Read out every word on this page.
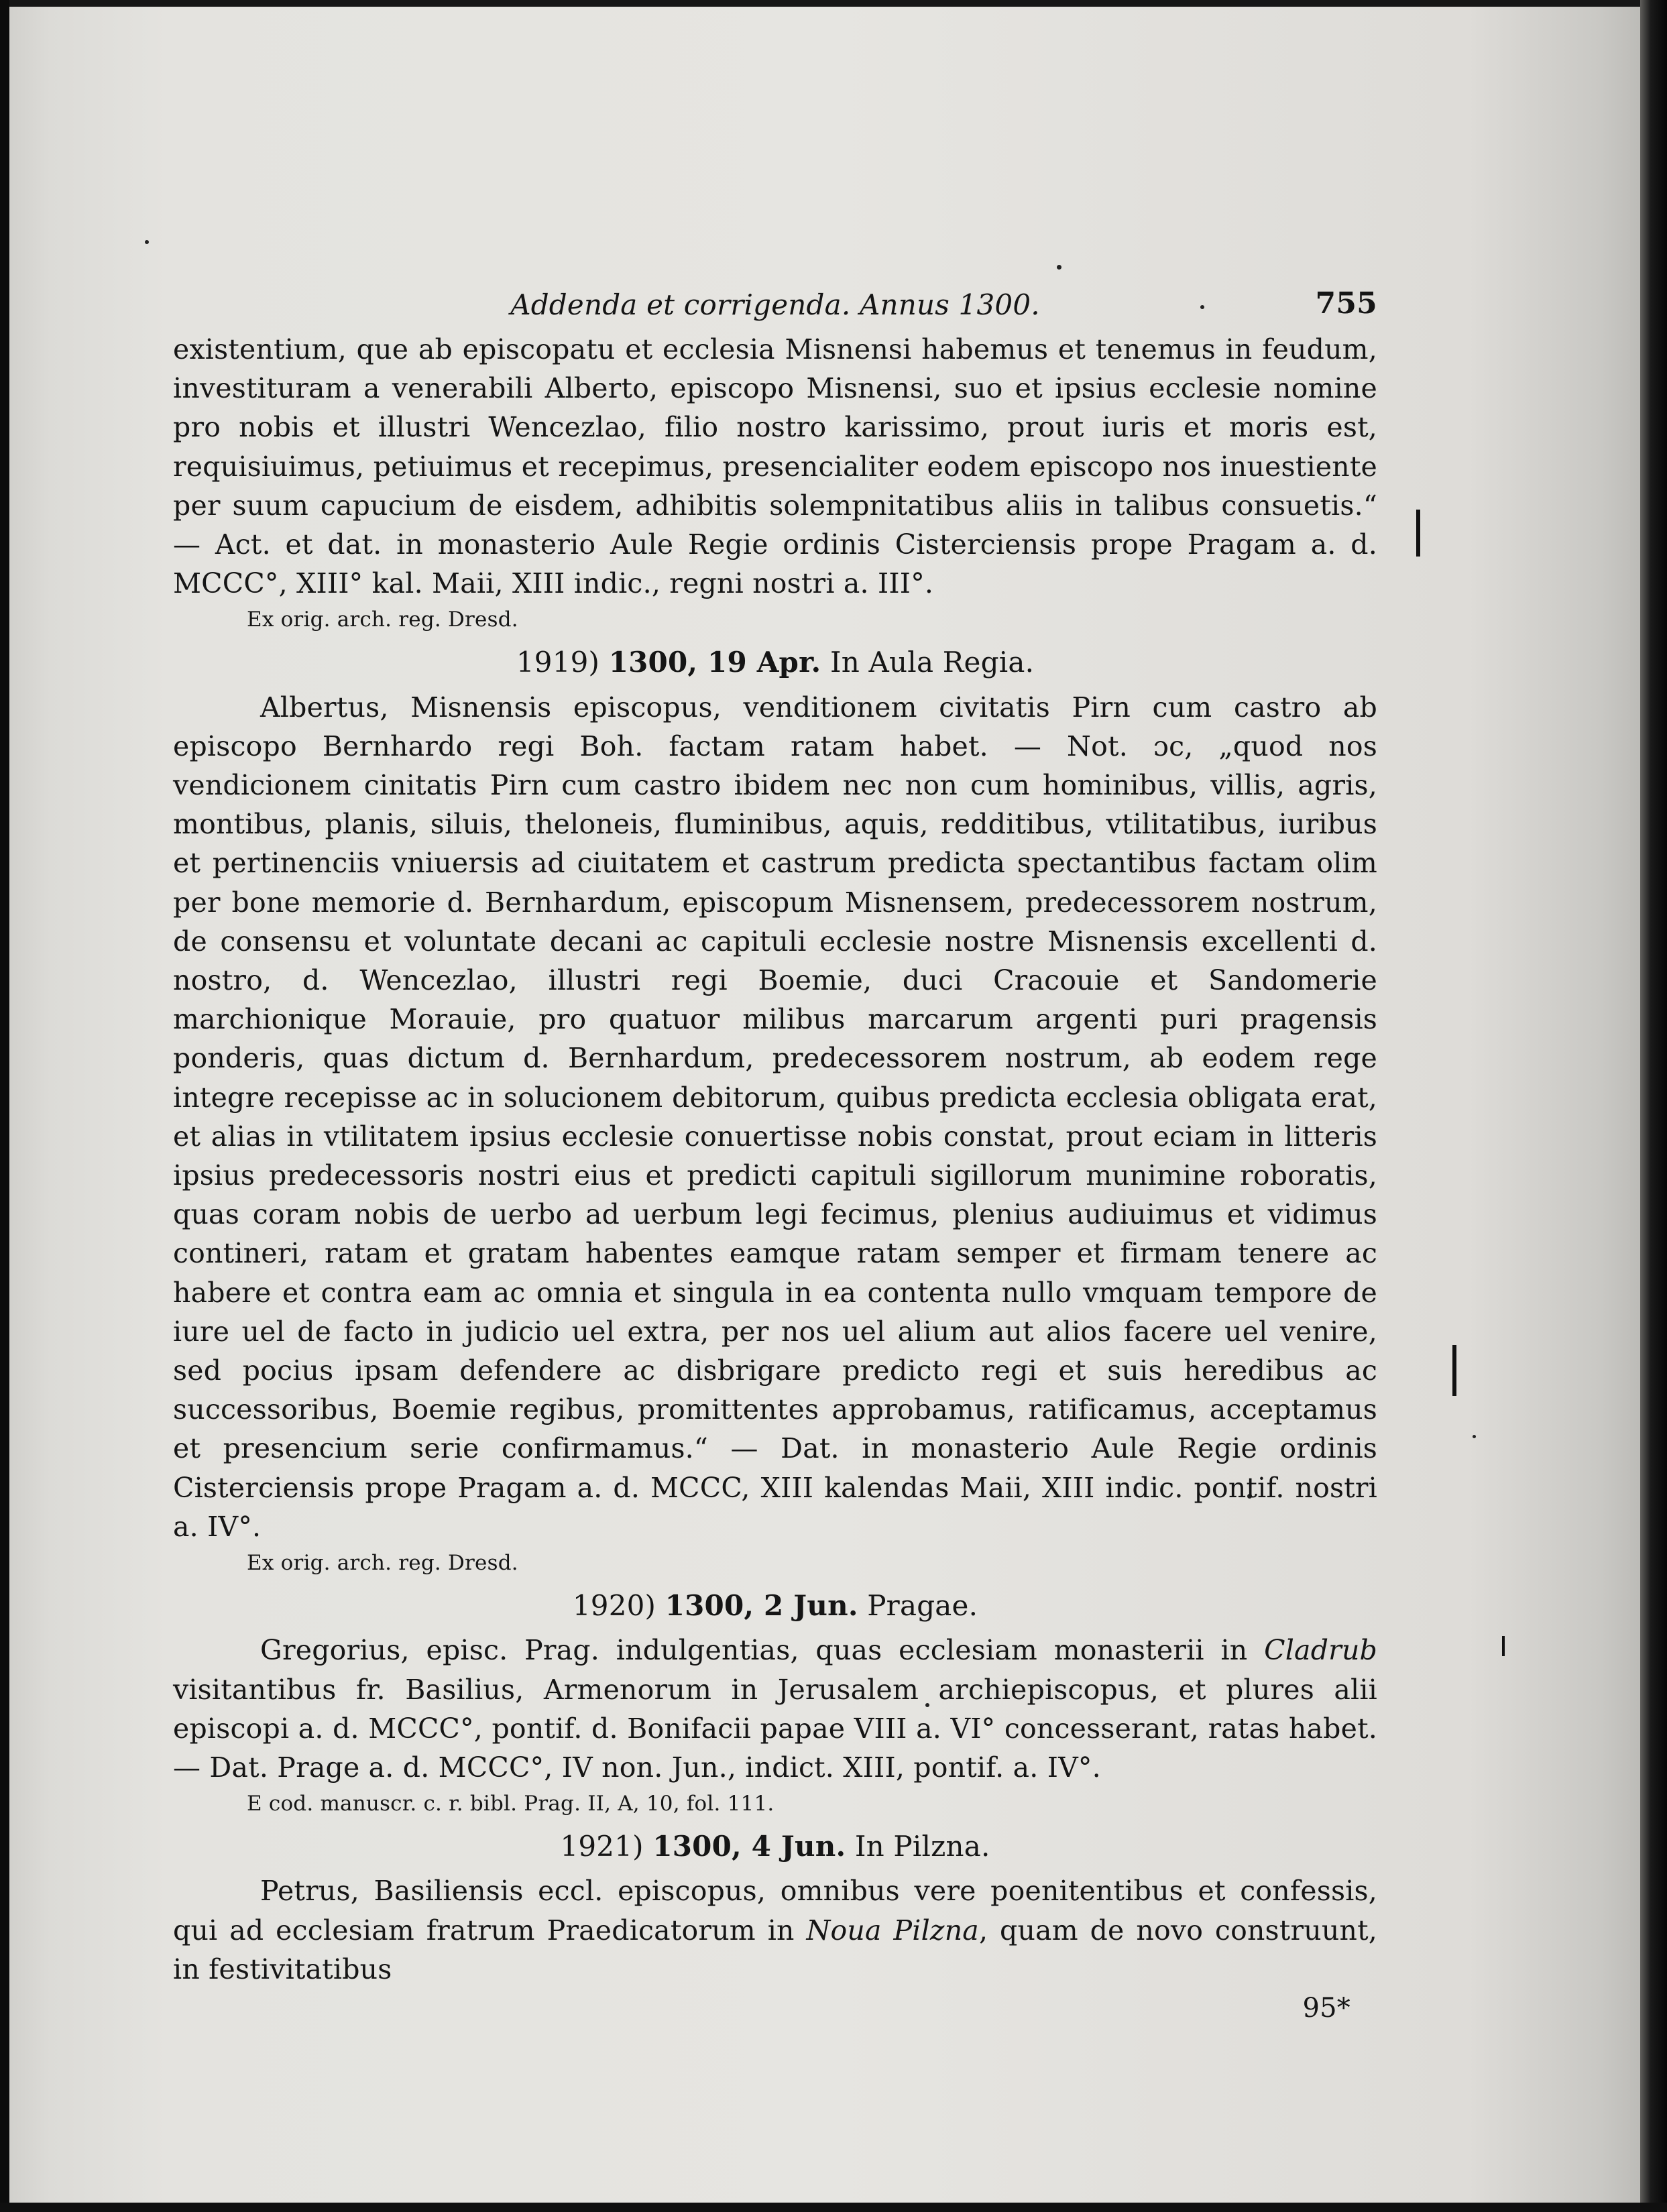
Addenda et corrigenda. Annus 1300.	755

existentium, que ab episcopatu et ecclesia Misnensi habemus et tenemus in feudum, investituram a venerabili Alberto, episcopo Misnensi, suo et ipsius ecclesie nomine pro nobis et illustri Wencezlao, filio nostro karissimo, prout iuris et moris est, requisiuimus, petiuimus et recepimus, presencialiter eodem episcopo nos inuestiente per suum capucium de eisdem, adhibitis solempnitatibus aliis in talibus consuetis.“ — Act. et dat. in monasterio Aule Regie ordinis Cisterciensis prope Pragam a. d. MCCC°, XIII° kal. Maii, XIII indic., regni nostri a. III°.

Ex orig. arch. reg. Dresd.
1919) 1300, 19 Apr. In Aula Regia.

Albertus, Misnensis episcopus, venditionem civitatis Pirn cum castro ab episcopo Bernhardo regi Boh. factam ratam habet. — Not. ɔc, „quod nos vendicionem cinitatis Pirn cum castro ibidem nec non cum hominibus, villis, agris, montibus, planis, siluis, theloneis, fluminibus, aquis, redditibus, vtilitatibus, iuribus et pertinenciis vniuersis ad ciuitatem et castrum predicta spectantibus factam olim per bone memorie d. Bernhardum, episcopum Misnensem, predecessorem nostrum, de consensu et voluntate decani ac capituli ecclesie nostre Misnensis excellenti d. nostro, d. Wencezlao, illustri regi Boemie, duci Cracouie et Sandomerie marchionique Morauie, pro quatuor milibus marcarum argenti puri pragensis ponderis, quas dictum d. Bernhardum, predecessorem nostrum, ab eodem rege integre recepisse ac in solucionem debitorum, quibus predicta ecclesia obligata erat, et alias in vtilitatem ipsius ecclesie conuertisse nobis constat, prout eciam in litteris ipsius predecessoris nostri eius et predicti capituli sigillorum munimine roboratis, quas coram nobis de uerbo ad uerbum legi fecimus, plenius audiuimus et vidimus contineri, ratam et gratam habentes eamque ratam semper et firmam tenere ac habere et contra eam ac omnia et singula in ea contenta nullo vmquam tempore de iure uel de facto in judicio uel extra, per nos uel alium aut alios facere uel venire, sed pocius ipsam defendere ac disbrigare predicto regi et suis heredibus ac successoribus, Boemie regibus, promittentes approbamus, ratificamus, acceptamus et presencium serie confirmamus.“ — Dat. in monasterio Aule Regie ordinis Cisterciensis prope Pragam a. d. MCCC, XIII kalendas Maii, XIII indic. pontif. nostri a. IV°.

Ex orig. arch. reg. Dresd.
1920) 1300, 2 Jun. Pragae.

Gregorius, episc. Prag. indulgentias, quas ecclesiam monasterii in Cladrub visitantibus fr. Basilius, Armenorum in Jerusalem archiepiscopus, et plures alii episcopi a. d. MCCC°, pontif. d. Bonifacii papae VIII a. VI° concesserant, ratas habet. — Dat. Prage a. d. MCCC°, IV non. Jun., indict. XIII, pontif. a. IV°.

E cod. manuscr. c. r. bibl. Prag. II, A, 10, fol. 111.
1921) 1300, 4 Jun. In Pilzna.

Petrus, Basiliensis eccl. episcopus, omnibus vere poenitentibus et confessis, qui ad ecclesiam fratrum Praedicatorum in Noua Pilzna, quam de novo construunt, in festivitatibus

95*
